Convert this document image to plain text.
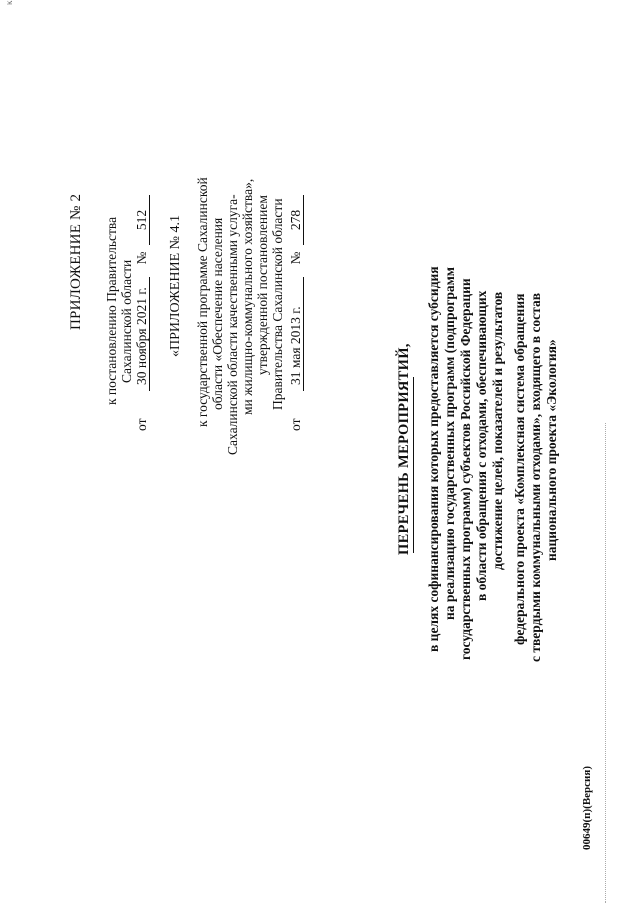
κ
ПРИЛОЖЕНИЕ № 2 к постановлению Правительства Сахалинской области
от30 ноября 2021 г.№512 «ПРИЛОЖЕНИЕ № 4.1 к государственной программе Сахалинской области «Обеспечение населения Сахалинской области качественными услуга- ми жилищно-коммунального хозяйства», утвержденной постановлением Правительства Сахалинской области
от31 мая 2013 г.№278
ПЕРЕЧЕНЬ МЕРОПРИЯТИЙ, в целях софинансирования которых предоставляется субсидия на реализацию государственных программ (подпрограмм государственных программ) субъектов Российской Федерации в области обращения с отходами, обеспечивающих достижение целей, показателей и результатов федерального проекта «Комплексная система обращения с твердыми коммунальными отходами», входящего в состав национального проекта «Экология»
00649(п)(Версия)
